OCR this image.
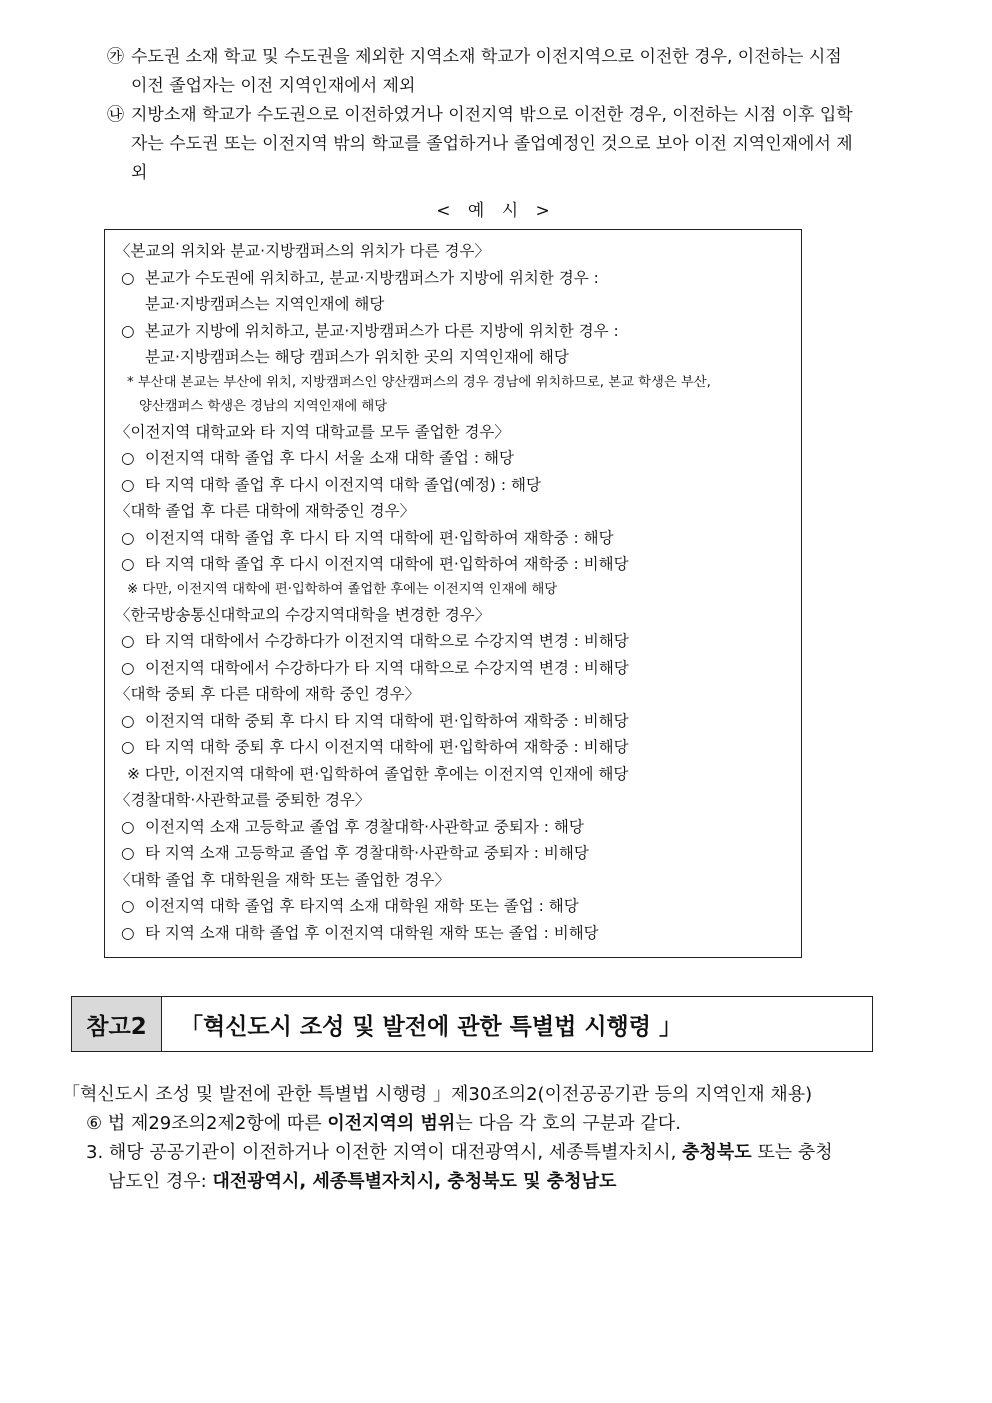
㉮ 수도권 소재 학교 및 수도권을 제외한 지역소재 학교가 이전지역으로 이전한 경우, 이전하는 시점
이전 졸업자는 이전 지역인재에서 제외
㉯ 지방소재 학교가 수도권으로 이전하였거나 이전지역 밖으로 이전한 경우, 이전하는 시점 이후 입학
자는 수도권 또는 이전지역 밖의 학교를 졸업하거나 졸업예정인 것으로 보아 이전 지역인재에서 제
외
< 예 시 >
〈본교의 위치와 분교·지방캠퍼스의 위치가 다른 경우〉
○ 본교가 수도권에 위치하고, 분교·지방캠퍼스가 지방에 위치한 경우 :
분교·지방캠퍼스는 지역인재에 해당
○ 본교가 지방에 위치하고, 분교·지방캠퍼스가 다른 지방에 위치한 경우 :
분교·지방캠퍼스는 해당 캠퍼스가 위치한 곳의 지역인재에 해당
* 부산대 본교는 부산에 위치, 지방캠퍼스인 양산캠퍼스의 경우 경남에 위치하므로, 본교 학생은 부산,
양산캠퍼스 학생은 경남의 지역인재에 해당
〈이전지역 대학교와 타 지역 대학교를 모두 졸업한 경우〉
○ 이전지역 대학 졸업 후 다시 서울 소재 대학 졸업 : 해당
○ 타 지역 대학 졸업 후 다시 이전지역 대학 졸업(예정) : 해당
〈대학 졸업 후 다른 대학에 재학중인 경우〉
○ 이전지역 대학 졸업 후 다시 타 지역 대학에 편·입학하여 재학중 : 해당
○ 타 지역 대학 졸업 후 다시 이전지역 대학에 편·입학하여 재학중 : 비해당
※ 다만, 이전지역 대학에 편·입학하여 졸업한 후에는 이전지역 인재에 해당
〈한국방송통신대학교의 수강지역대학을 변경한 경우〉
○ 타 지역 대학에서 수강하다가 이전지역 대학으로 수강지역 변경 : 비해당
○ 이전지역 대학에서 수강하다가 타 지역 대학으로 수강지역 변경 : 비해당
〈대학 중퇴 후 다른 대학에 재학 중인 경우〉
○ 이전지역 대학 중퇴 후 다시 타 지역 대학에 편·입학하여 재학중 : 비해당
○ 타 지역 대학 중퇴 후 다시 이전지역 대학에 편·입학하여 재학중 : 비해당
※ 다만, 이전지역 대학에 편·입학하여 졸업한 후에는 이전지역 인재에 해당
〈경찰대학·사관학교를 중퇴한 경우〉
○ 이전지역 소재 고등학교 졸업 후 경찰대학·사관학교 중퇴자 : 해당
○ 타 지역 소재 고등학교 졸업 후 경찰대학·사관학교 중퇴자 : 비해당
〈대학 졸업 후 대학원을 재학 또는 졸업한 경우〉
○ 이전지역 대학 졸업 후 타지역 소재 대학원 재학 또는 졸업 : 해당
○ 타 지역 소재 대학 졸업 후 이전지역 대학원 재학 또는 졸업 : 비해당
참고2	「혁신도시 조성 및 발전에 관한 특별법 시행령 」
「혁신도시 조성 및 발전에 관한 특별법 시행령 」제30조의2(이전공공기관 등의 지역인재 채용)
⑥ 법 제29조의2제2항에 따른 이전지역의 범위는 다음 각 호의 구분과 같다.
3. 해당 공공기관이 이전하거나 이전한 지역이 대전광역시, 세종특별자치시, 충청북도 또는 충청
남도인 경우: 대전광역시, 세종특별자치시, 충청북도 및 충청남도
